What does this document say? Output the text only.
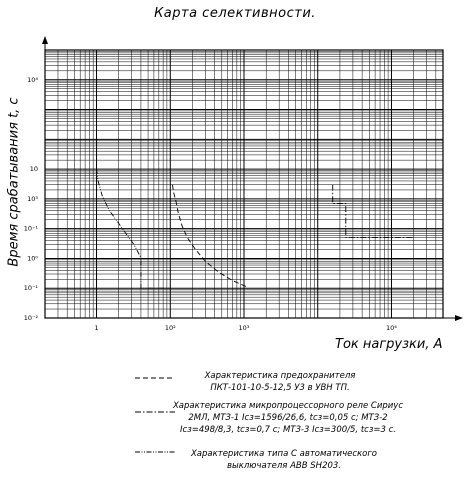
Карта селективности.
1	10²	10³	10⁴
10⁴
10
10³
10⁻¹
10⁰
10⁻¹
10⁻²
Время срабатывания t, с
Ток нагрузки, А
Характеристика предохранителя ПКТ-101-10-5-12,5 У3 в УВН ТП.
Характеристика микропроцессорного реле Сириус 2МЛ, МТЗ-1 Iсз=1596/26,6, tсз=0,05 с; МТЗ-2 Iсз=498/8,3, tсз=0,7 с; МТЗ-3 Iсз=300/5, tсз=3 с.
Характеристика типа С автоматического выключателя ABB SH203.
